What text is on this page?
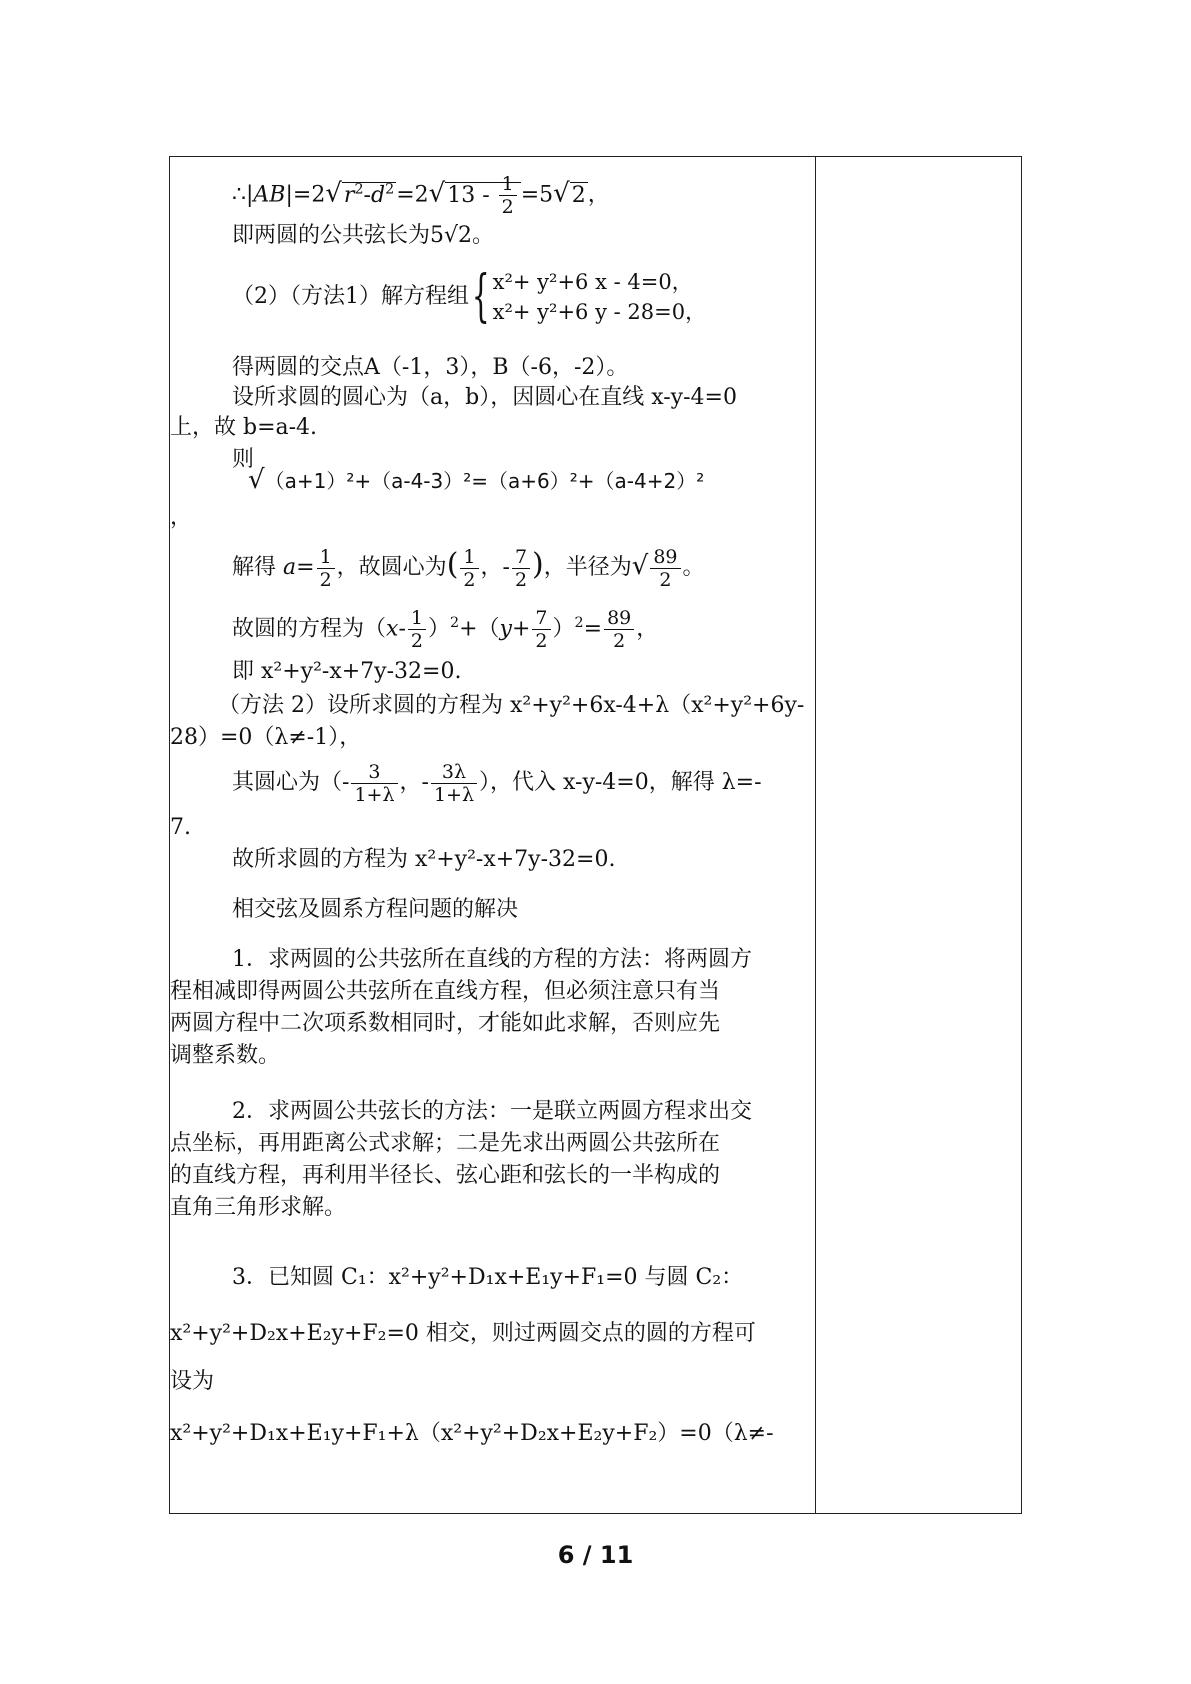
$\therefore|AB|=2√r^2-d^2=2√13 - \frac{1}{2} =5√2$，
即两圆的公共弦长为5√2。
（2）（方法1）解方程组{ x²+ y²+6 x - 4=0，
x²+ y²+6 y - 28=0，
得两圆的交点A（-1，3），B（-6，-2）。
设所求圆的圆心为（a，b），因圆心在直线 x-y-4=0
上，故 b=a-4.
则
√（a+1）²+（a-4-3）²=（a+6）²+（a-4+2）²
，
解得 $a= \frac{1}{2}$ ，故圆心为( $\frac{1}{2}$ ，- $\frac{7}{2}$ )，半径为√ $\frac{89}{2}$ 。
故圆的方程为$(x- \frac{1}{2} )^2+(y+ \frac{7}{2} )^2= \frac{89}{2}$ ，
即 x²+y²-x+7y-32=0.
（方法 2）设所求圆的方程为 x²+y²+6x-4+λ（x²+y²+6y-
28）=0（λ≠-1），
其圆心为（- $\frac{3}{1+\lambda}$ ，- $\frac{3\lambda}{1+\lambda}$ ），代入 x-y-4=0，解得 λ=-
7.
故所求圆的方程为 x²+y²-x+7y-32=0.
相交弦及圆系方程问题的解决
1．求两圆的公共弦所在直线的方程的方法：将两圆方
程相减即得两圆公共弦所在直线方程，但必须注意只有当
两圆方程中二次项系数相同时，才能如此求解，否则应先
调整系数。
2．求两圆公共弦长的方法：一是联立两圆方程求出交
点坐标，再用距离公式求解；二是先求出两圆公共弦所在
的直线方程，再利用半径长、弦心距和弦长的一半构成的
直角三角形求解。
3．已知圆 C₁：x²+y²+D₁x+E₁y+F₁=0 与圆 C₂：
x²+y²+D₂x+E₂y+F₂=0 相交，则过两圆交点的圆的方程可
设为
x²+y²+D₁x+E₁y+F₁+λ（x²+y²+D₂x+E₂y+F₂）=0（λ≠-
6 / 11
